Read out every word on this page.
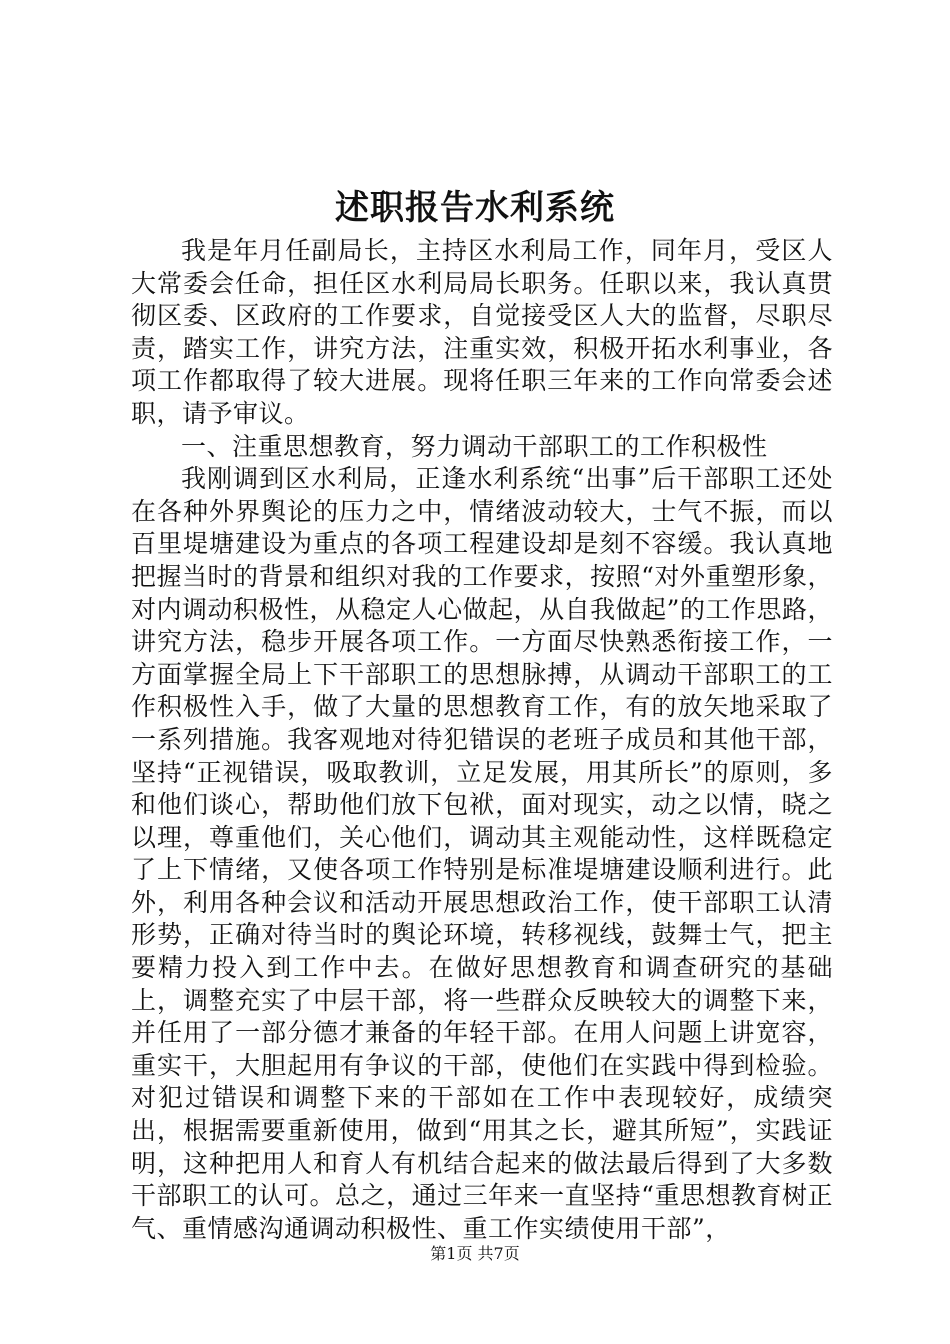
述职报告水利系统

我是年月任副局长，主持区水利局工作，同年月，受区人大常委会任命，担任区水利局局长职务。任职以来，我认真贯彻区委、区政府的工作要求，自觉接受区人大的监督，尽职尽责，踏实工作，讲究方法，注重实效，积极开拓水利事业，各项工作都取得了较大进展。现将任职三年来的工作向常委会述职，请予审议。

一、注重思想教育，努力调动干部职工的工作积极性

我刚调到区水利局，正逢水利系统“出事”后干部职工还处在各种外界舆论的压力之中，情绪波动较大，士气不振，而以百里堤塘建设为重点的各项工程建设却是刻不容缓。我认真地把握当时的背景和组织对我的工作要求，按照“对外重塑形象，对内调动积极性，从稳定人心做起，从自我做起”的工作思路，讲究方法，稳步开展各项工作。一方面尽快熟悉衔接工作，一方面掌握全局上下干部职工的思想脉搏，从调动干部职工的工作积极性入手，做了大量的思想教育工作，有的放矢地采取了一系列措施。我客观地对待犯错误的老班子成员和其他干部，坚持“正视错误，吸取教训，立足发展，用其所长”的原则，多和他们谈心，帮助他们放下包袱，面对现实，动之以情，晓之以理，尊重他们，关心他们，调动其主观能动性，这样既稳定了上下情绪，又使各项工作特别是标准堤塘建设顺利进行。此外，利用各种会议和活动开展思想政治工作，使干部职工认清形势，正确对待当时的舆论环境，转移视线，鼓舞士气，把主要精力投入到工作中去。在做好思想教育和调查研究的基础上，调整充实了中层干部，将一些群众反映较大的调整下来，并任用了一部分德才兼备的年轻干部。在用人问题上讲宽容，重实干，大胆起用有争议的干部，使他们在实践中得到检验。对犯过错误和调整下来的干部如在工作中表现较好，成绩突出，根据需要重新使用，做到“用其之长，避其所短”，实践证明，这种把用人和育人有机结合起来的做法最后得到了大多数干部职工的认可。总之，通过三年来一直坚持“重思想教育树正气、重情感沟通调动积极性、重工作实绩使用干部”，

第1页 共7页
